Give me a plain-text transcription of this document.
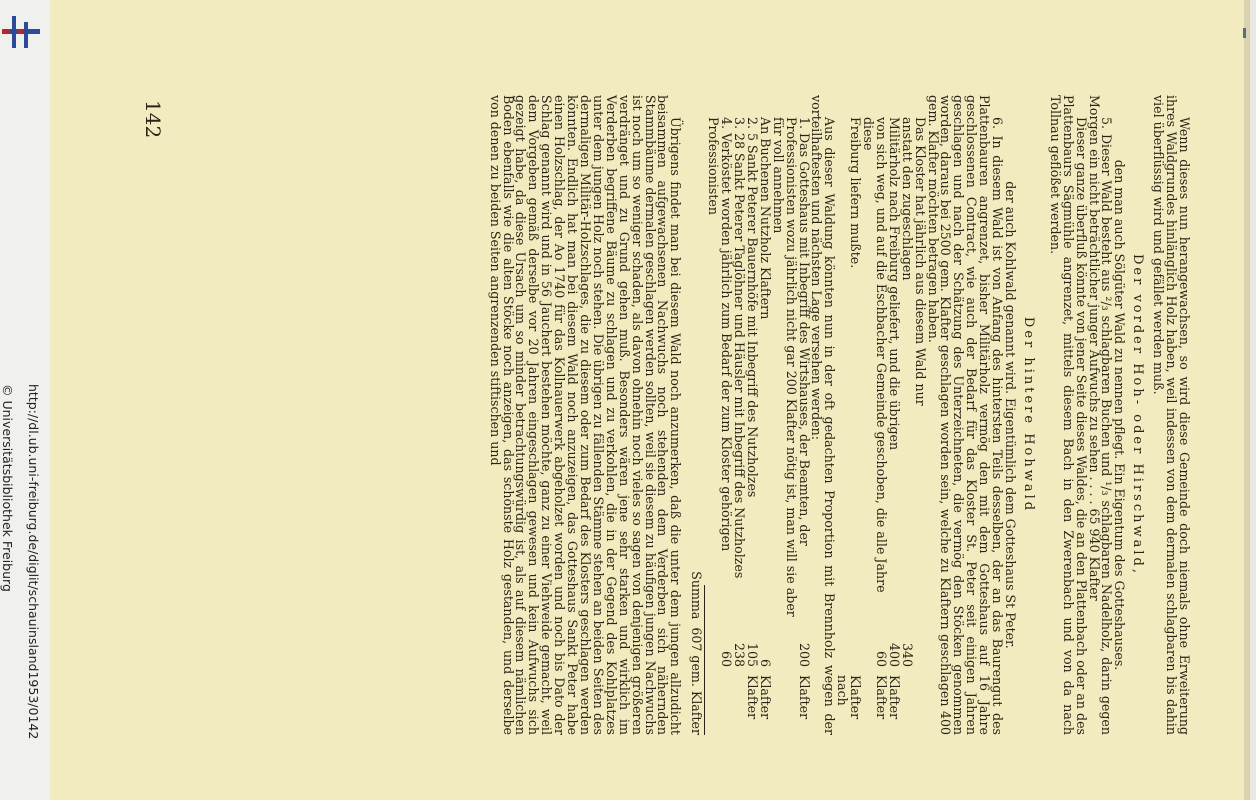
http://dl.ub.uni-freiburg.de/diglit/schauinsland1953/0142
© Universitätsbibliothek Freiburg	Wenn dieses nun herangewachsen, so wird diese Gemeinde doch niemals ohne Erweiterung ihres Waldgrundes hinlänglich Holz haben, weil indessen von dem dermalen schlagbaren bis dahin viel überflüssig wird und gefället werden muß.

Der vorder Hoh- oder Hirschwald,
den man auch Sölgüter Wald zu nennen pflegt. Ein Eigentum des Gotteshauses.

5. Dieser Wald besteht aus ²/₃ schlagbaren Buchen und ¹/₃ schlagbaren Nadelholz, darin gegen Morgen ein nicht beträchtlicher junger Aufwuchs zu sehen . . . . 65 940 Klafter

Dieser ganze überfluß könnte von jener Seite dieses Waldes, die an den Plattenbach oder an des Plattenbaurs Sägmühle angrenzet, mittels diesem Bach in den Zwerenbach und von da nach Tollnau geflößet werden.

Der hintere Hohwald
der auch Kohlwald genannt wird. Eigentümlich dem Gotteshaus St Peter.

6. In diesem Wald ist von Anfang des hintersten Teils desselben, der an das Baurengut des Plattenbauren angrenzet, bisher Militärholz vermög den mit dem Gotteshaus auf 16 Jahre geschlossenen Contract, wie auch der Bedarf für das Kloster St. Peter seit einigen Jahren geschlagen und nach der Schätzung des Unterzeichneten, die vermög den Stöcken genommen worden, daraus bei 2500 gem. Klafter geschlagen worden sein, welche zu Klaftern geschlagen 400 gem. Klafter möchten betragen haben.

Das Kloster hat jährlich aus diesem Wald nur

anstatt den zugeschlagen
340
Militärholz nach Freiburg geliefert, und die übrigen
400
Klafter
von sich weg, und auf die Eschbacher Gemeinde geschoben, die alle Jahre diese
60
Klafter
Freiburg liefern mußte.
Klafter nach

Aus dieser Waldung könnten nun in der oft gedachten Proportion mit Brennholz wegen der vorteilhaftesten und nächsten Lage versehen werden:

1. Das Gotteshaus mit Inbegriff des Wirtshauses, der Beamten, der Professionisten wozu jährlich nicht gar 200 Klafter nötig ist, man will sie aber für voll annehmen
200
Klafter
An Buchenen Nutzholz Klaftern
6
Klafter
2. 5 Sankt Peterer Bauernhöfe mit Inbegriff des Nutzholzes
105
Klafter
3. 28 Sankt Peterer Taglöhner und Häusler mit Inbegriff des Nutzholzes
238
4. Verköstet worden jährlich zum Bedarf der zum Kloster gehörigen Professionisten
60
Summa
607 gem. Klafter

Übrigens findet man bei diesem Wald noch anzumerken, daß die unter dem jungen allzudicht beisammen aufgewachsenen Nachwuchs noch stehenden dem Verderben sich nähernden Stammbäume dermalen geschlagen werden sollten, weil sie diesem zu häufigen jungen Nachwuchs ist noch um so weniger schaden, als davon ohnehin noch vieles so sagen von denjenigen größeren verdränget und zu Grund gehen muß. Besonders wären jene sehr starken und wirklich im Verderben begriffene Bäume zu schlagen und zu verkohlen, die in der Gegend des Kohlplatzes unter dem jungen Holz noch stehen. Die übrigen zu fällenden Stämme stehen an beiden Seiten des dermaligen Militär-Holzschlages, die zu diesem oder zum Bedarf des Klosters geschlagen werden könnten. Endlich hat man bei diesem Wald noch anzuzeigen, das Gotteshaus Sankt Peter habe einen Holzschlag, der Ao 1740 für das Kollnauerwerk abgeholzet worden und noch bis Dato der Schlag genannt wird und in 56 Jauchert bestehen möchte, ganz zu einer Viehweide gemacht, weil dem Vorgeben gemäß derselbe vor 20 Jahren eingeschlagen gewesen und kein Aufwuchs sich gezeigt habe, da diese Ursach um so minder betrachtungswürdig ist, als auf diesem nämlichen Boden ebenfalls wie die alten Stöcke noch anzeigen, das schönste Holz gestanden, und derselbe von denen zu beiden Seiten angrenzenden stiftischen und

142
